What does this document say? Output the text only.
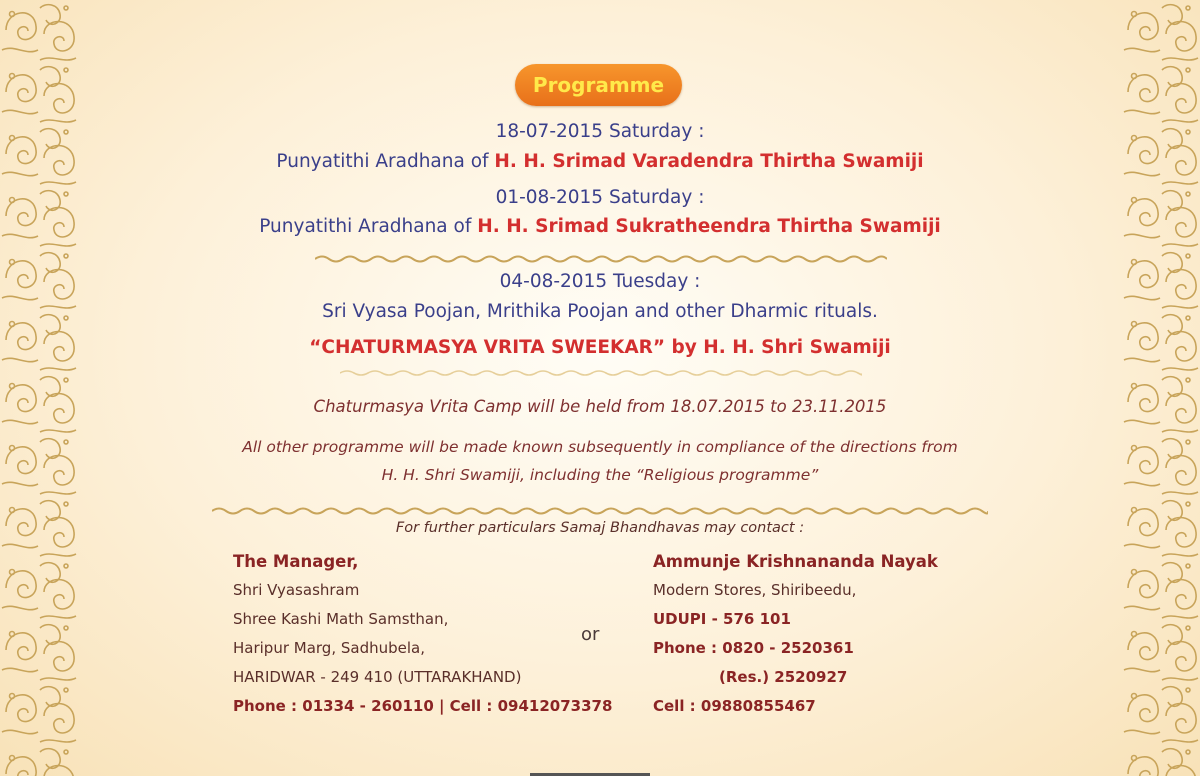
Programme
18-07-2015 Saturday :
Punyatithi Aradhana of H. H. Srimad Varadendra Thirtha Swamiji
01-08-2015 Saturday :
Punyatithi Aradhana of H. H. Srimad Sukratheendra Thirtha Swamiji
04-08-2015 Tuesday :
Sri Vyasa Poojan, Mrithika Poojan and other Dharmic rituals.
“CHATURMASYA VRITA SWEEKAR” by H. H. Shri Swamiji
Chaturmasya Vrita Camp will be held from 18.07.2015 to 23.11.2015
All other programme will be made known subsequently in compliance of the directions from
H. H. Shri Swamiji, including the “Religious programme”
For further particulars Samaj Bhandhavas may contact :
The Manager,
Shri Vyasashram
Shree Kashi Math Samsthan,
Haripur Marg, Sadhubela,
HARIDWAR - 249 410 (UTTARAKHAND)
Phone : 01334 - 260110 | Cell : 09412073378
or
Ammunje Krishnananda Nayak
Modern Stores, Shiribeedu,
UDUPI - 576 101
Phone : 0820 - 2520361
(Res.) 2520927
Cell : 09880855467
